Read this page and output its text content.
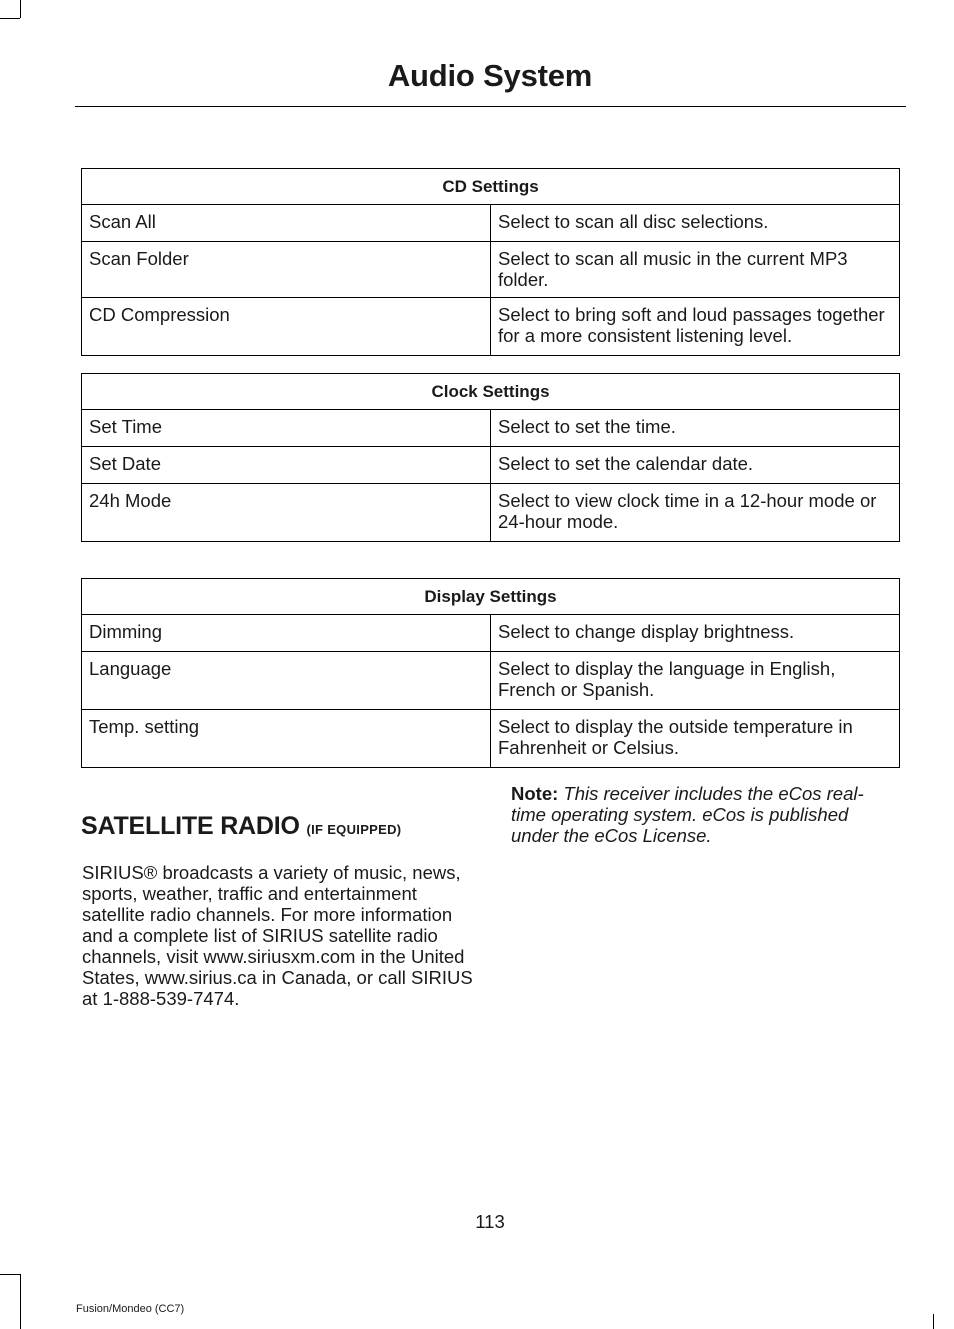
Audio System
CD Settings	
Scan All	Select to scan all disc selections.
Scan Folder	Select to scan all music in the current MP3 folder.
CD Compression	Select to bring soft and loud passages together for a more consistent listening level.
Clock Settings	
Set Time	Select to set the time.
Set Date	Select to set the calendar date.
24h Mode	Select to view clock time in a 12-hour mode or 24-hour mode.
Display Settings	
Dimming	Select to change display brightness.
Language	Select to display the language in English, French or Spanish.
Temp. setting	Select to display the outside temperature in Fahrenheit or Celsius.
SATELLITE RADIO (IF EQUIPPED)
SIRIUS® broadcasts a variety of music, news, sports, weather, traffic and entertainment satellite radio channels. For more information and a complete list of SIRIUS satellite radio channels, visit www.siriusxm.com in the United States, www.sirius.ca in Canada, or call SIRIUS at 1-888-539-7474.
Note: This receiver includes the eCos real-time operating system. eCos is published under the eCos License.
113
Fusion/Mondeo (CC7)
